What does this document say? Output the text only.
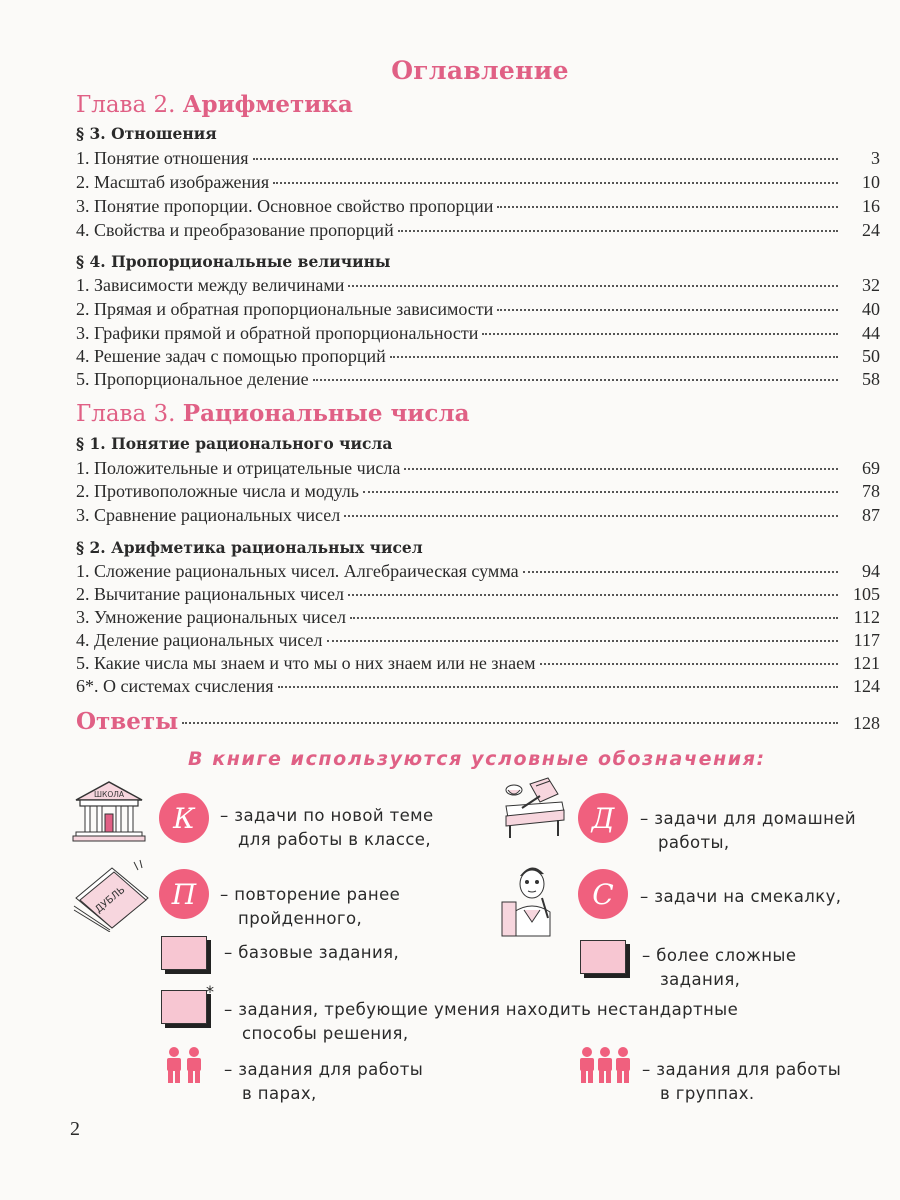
Оглавление
Глава 2. Арифметика
§ 3. Отношения
1. Понятие отношения	3
2. Масштаб изображения	10
3. Понятие пропорции. Основное свойство пропорции	16
4. Свойства и преобразование пропорций	24
§ 4. Пропорциональные величины
1. Зависимости между величинами	32
2. Прямая и обратная пропорциональные зависимости	40
3. Графики прямой и обратной пропорциональности	44
4. Решение задач с помощью пропорций	50
5. Пропорциональное деление	58
Глава 3. Рациональные числа
§ 1. Понятие рационального числа
1. Положительные и отрицательные числа	69
2. Противоположные числа и модуль	78
3. Сравнение рациональных чисел	87
§ 2. Арифметика рациональных чисел
1. Сложение рациональных чисел. Алгебраическая сумма	94
2. Вычитание рациональных чисел	105
3. Умножение рациональных чисел	112
4. Деление рациональных чисел	117
5. Какие числа мы знаем и что мы о них знаем или не знаем	121
6*. О системах счисления	124
Ответы	128
В книге используются условные обозначения:
ШКОЛА
К	– задачи по новой теме
для работы в классе,
Д	– задачи для домашней
работы,
ДУБЛЬ	П	– повторение ранее
пройденного,
С	– задачи на смекалку,
– базовые задания,	– более сложные
задания,
*
– задания, требующие умения находить нестандартные
способы решения,
– задания для работы
в парах,
– задания для работы
в группах.
2
